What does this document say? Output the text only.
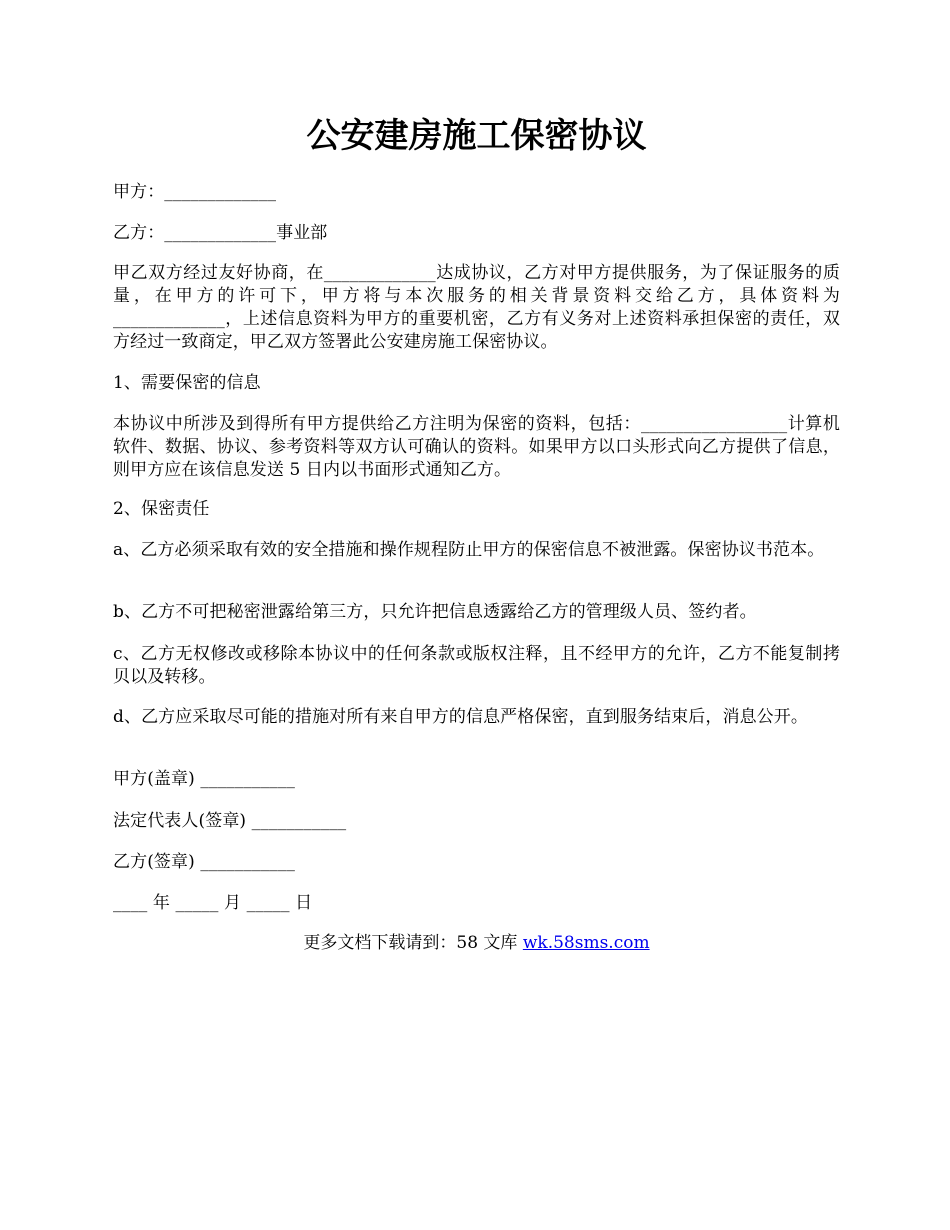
公安建房施工保密协议

甲方：_____________

乙方：_____________事业部

甲乙双方经过友好协商，在_____________达成协议，乙方对甲方提供服务，为了保证服务的质量，在甲方的许可下，甲方将与本次服务的相关背景资料交给乙方，具体资料为_____________，上述信息资料为甲方的重要机密，乙方有义务对上述资料承担保密的责任，双方经过一致商定，甲乙双方签署此公安建房施工保密协议。

1、需要保密的信息

本协议中所涉及到得所有甲方提供给乙方注明为保密的资料，包括：_________________计算机软件、数据、协议、参考资料等双方认可确认的资料。如果甲方以口头形式向乙方提供了信息，则甲方应在该信息发送 5 日内以书面形式通知乙方。

2、保密责任

a、乙方必须采取有效的安全措施和操作规程防止甲方的保密信息不被泄露。保密协议书范本。

b、乙方不可把秘密泄露给第三方，只允许把信息透露给乙方的管理级人员、签约者。

c、乙方无权修改或移除本协议中的任何条款或版权注释，且不经甲方的允许，乙方不能复制拷贝以及转移。

d、乙方应采取尽可能的措施对所有来自甲方的信息严格保密，直到服务结束后，消息公开。

甲方(盖章) ___________

法定代表人(签章) ___________

乙方(签章) ___________

____ 年 _____ 月 _____ 日

更多文档下载请到：58 文库 wk.58sms.com
